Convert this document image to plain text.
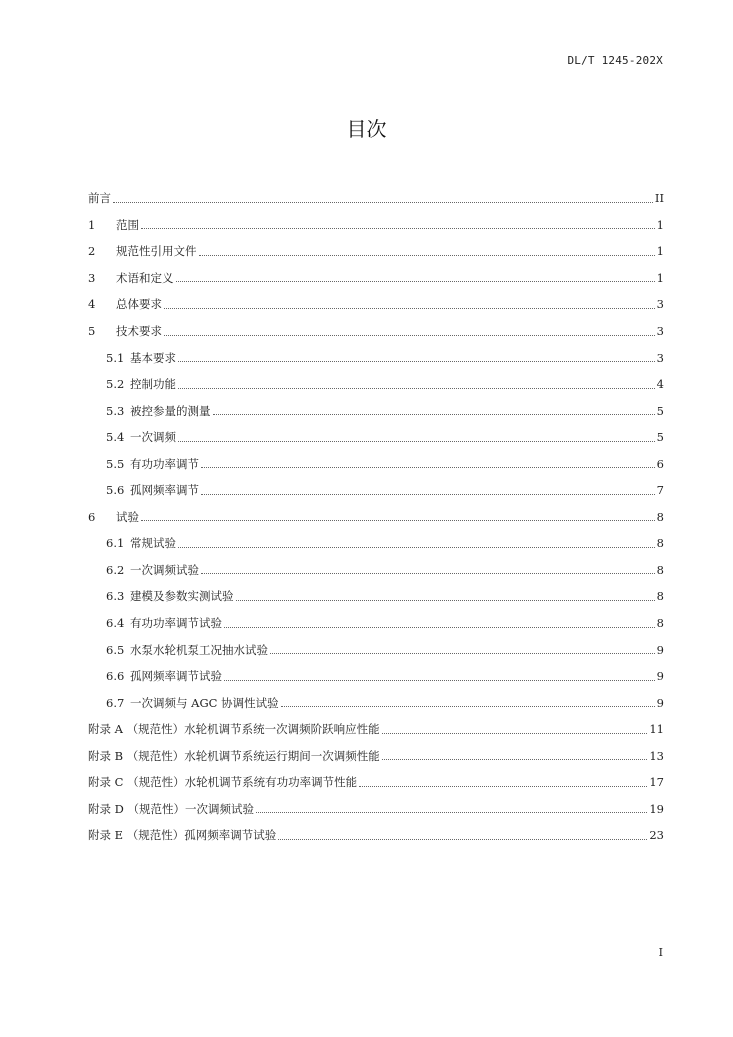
DL/T 1245-202X
目次
前言	II
1	范围	1
2	规范性引用文件	1
3	术语和定义	1
4	总体要求	3
5	技术要求	3
5.1 基本要求	3
5.2 控制功能	4
5.3 被控参量的测量	5
5.4 一次调频	5
5.5 有功功率调节	6
5.6 孤网频率调节	7
6	试验	8
6.1 常规试验	8
6.2 一次调频试验	8
6.3 建模及参数实测试验	8
6.4 有功功率调节试验	8
6.5 水泵水轮机泵工况抽水试验	9
6.6 孤网频率调节试验	9
6.7 一次调频与 AGC 协调性试验	9
附录 A （规范性）水轮机调节系统一次调频阶跃响应性能	11
附录 B （规范性）水轮机调节系统运行期间一次调频性能	13
附录 C （规范性）水轮机调节系统有功功率调节性能	17
附录 D （规范性）一次调频试验	19
附录 E （规范性）孤网频率调节试验	23
I
